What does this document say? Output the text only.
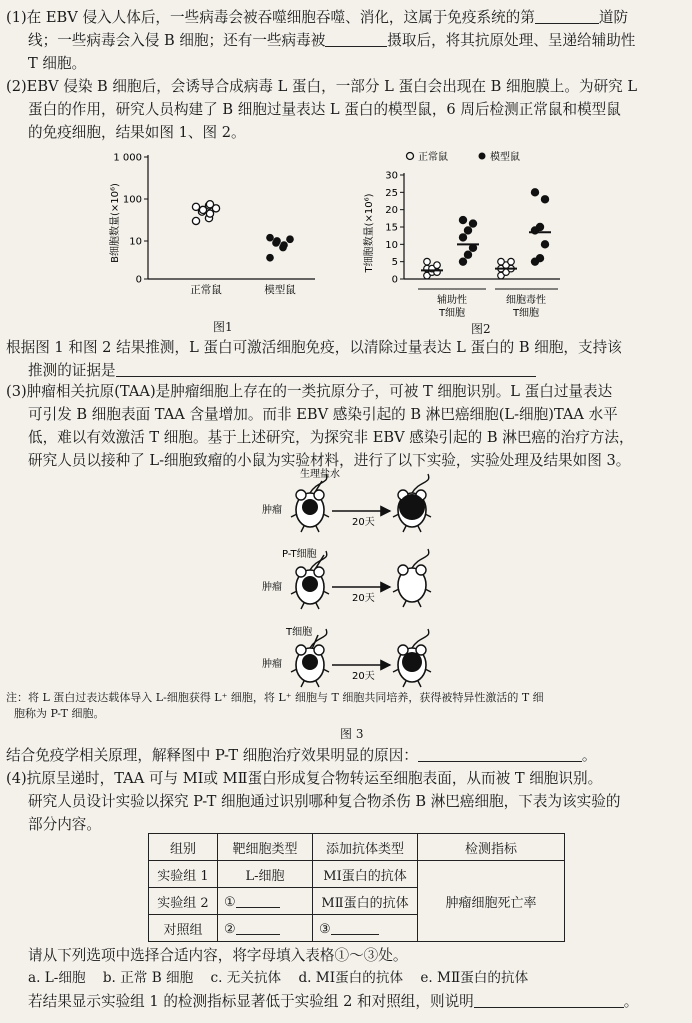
(1)在 EBV 侵入人体后，一些病毒会被吞噬细胞吞噬、消化，这属于免疫系统的第	道防
线；一些病毒会入侵 B 细胞；还有一些病毒被	摄取后，将其抗原处理、呈递给辅助性
T 细胞。
(2)EBV 侵染 B 细胞后，会诱导合成病毒 L 蛋白，一部分 L 蛋白会出现在 B 细胞膜上。为研究 L
蛋白的作用，研究人员构建了 B 细胞过量表达 L 蛋白的模型鼠，6 周后检测正常鼠和模型鼠
的免疫细胞，结果如图 1、图 2。
B细胞数量(×10⁶)
1 000
100
10
0
正常鼠	模型鼠
图1
正常鼠	模型鼠
T细胞数量(×10⁶)
30
25
20
15
10
5
0
辅助性
T细胞
细胞毒性
T细胞
图2
根据图 1 和图 2 结果推测，L 蛋白可激活细胞免疫，以清除过量表达 L 蛋白的 B 细胞，支持该
推测的证据是
(3)肿瘤相关抗原(TAA)是肿瘤细胞上存在的一类抗原分子，可被 T 细胞识别。L 蛋白过量表达
可引发 B 细胞表面 TAA 含量增加。而非 EBV 感染引起的 B 淋巴癌细胞(L-细胞)TAA 水平
低，难以有效激活 T 细胞。基于上述研究，为探究非 EBV 感染引起的 B 淋巴癌的治疗方法，
研究人员以接种了 L-细胞致瘤的小鼠为实验材料，进行了以下实验，实验处理及结果如图 3。
生理盐水
肿瘤
20天
P-T细胞
肿瘤
20天
T细胞
肿瘤
20天
注：将 L 蛋白过表达载体导入 L-细胞获得 L⁺ 细胞，将 L⁺ 细胞与 T 细胞共同培养，获得被特异性激活的 T 细
胞称为 P-T 细胞。
图 3
结合免疫学相关原理，解释图中 P-T 细胞治疗效果明显的原因：	。
(4)抗原呈递时，TAA 可与 MⅠ或 MⅡ蛋白形成复合物转运至细胞表面，从而被 T 细胞识别。
研究人员设计实验以探究 P-T 细胞通过识别哪种复合物杀伤 B 淋巴癌细胞，下表为该实验的
部分内容。
组别	靶细胞类型	添加抗体类型	检测指标
实验组 1	L-细胞	MⅠ蛋白的抗体	肿瘤细胞死亡率
实验组 2	①	MⅡ蛋白的抗体	
对照组	②	③	
请从下列选项中选择合适内容，将字母填入表格①～③处。
a. L-细胞 b. 正常 B 细胞 c. 无关抗体 d. MⅠ蛋白的抗体 e. MⅡ蛋白的抗体
若结果显示实验组 1 的检测指标显著低于实验组 2 和对照组，则说明	。
